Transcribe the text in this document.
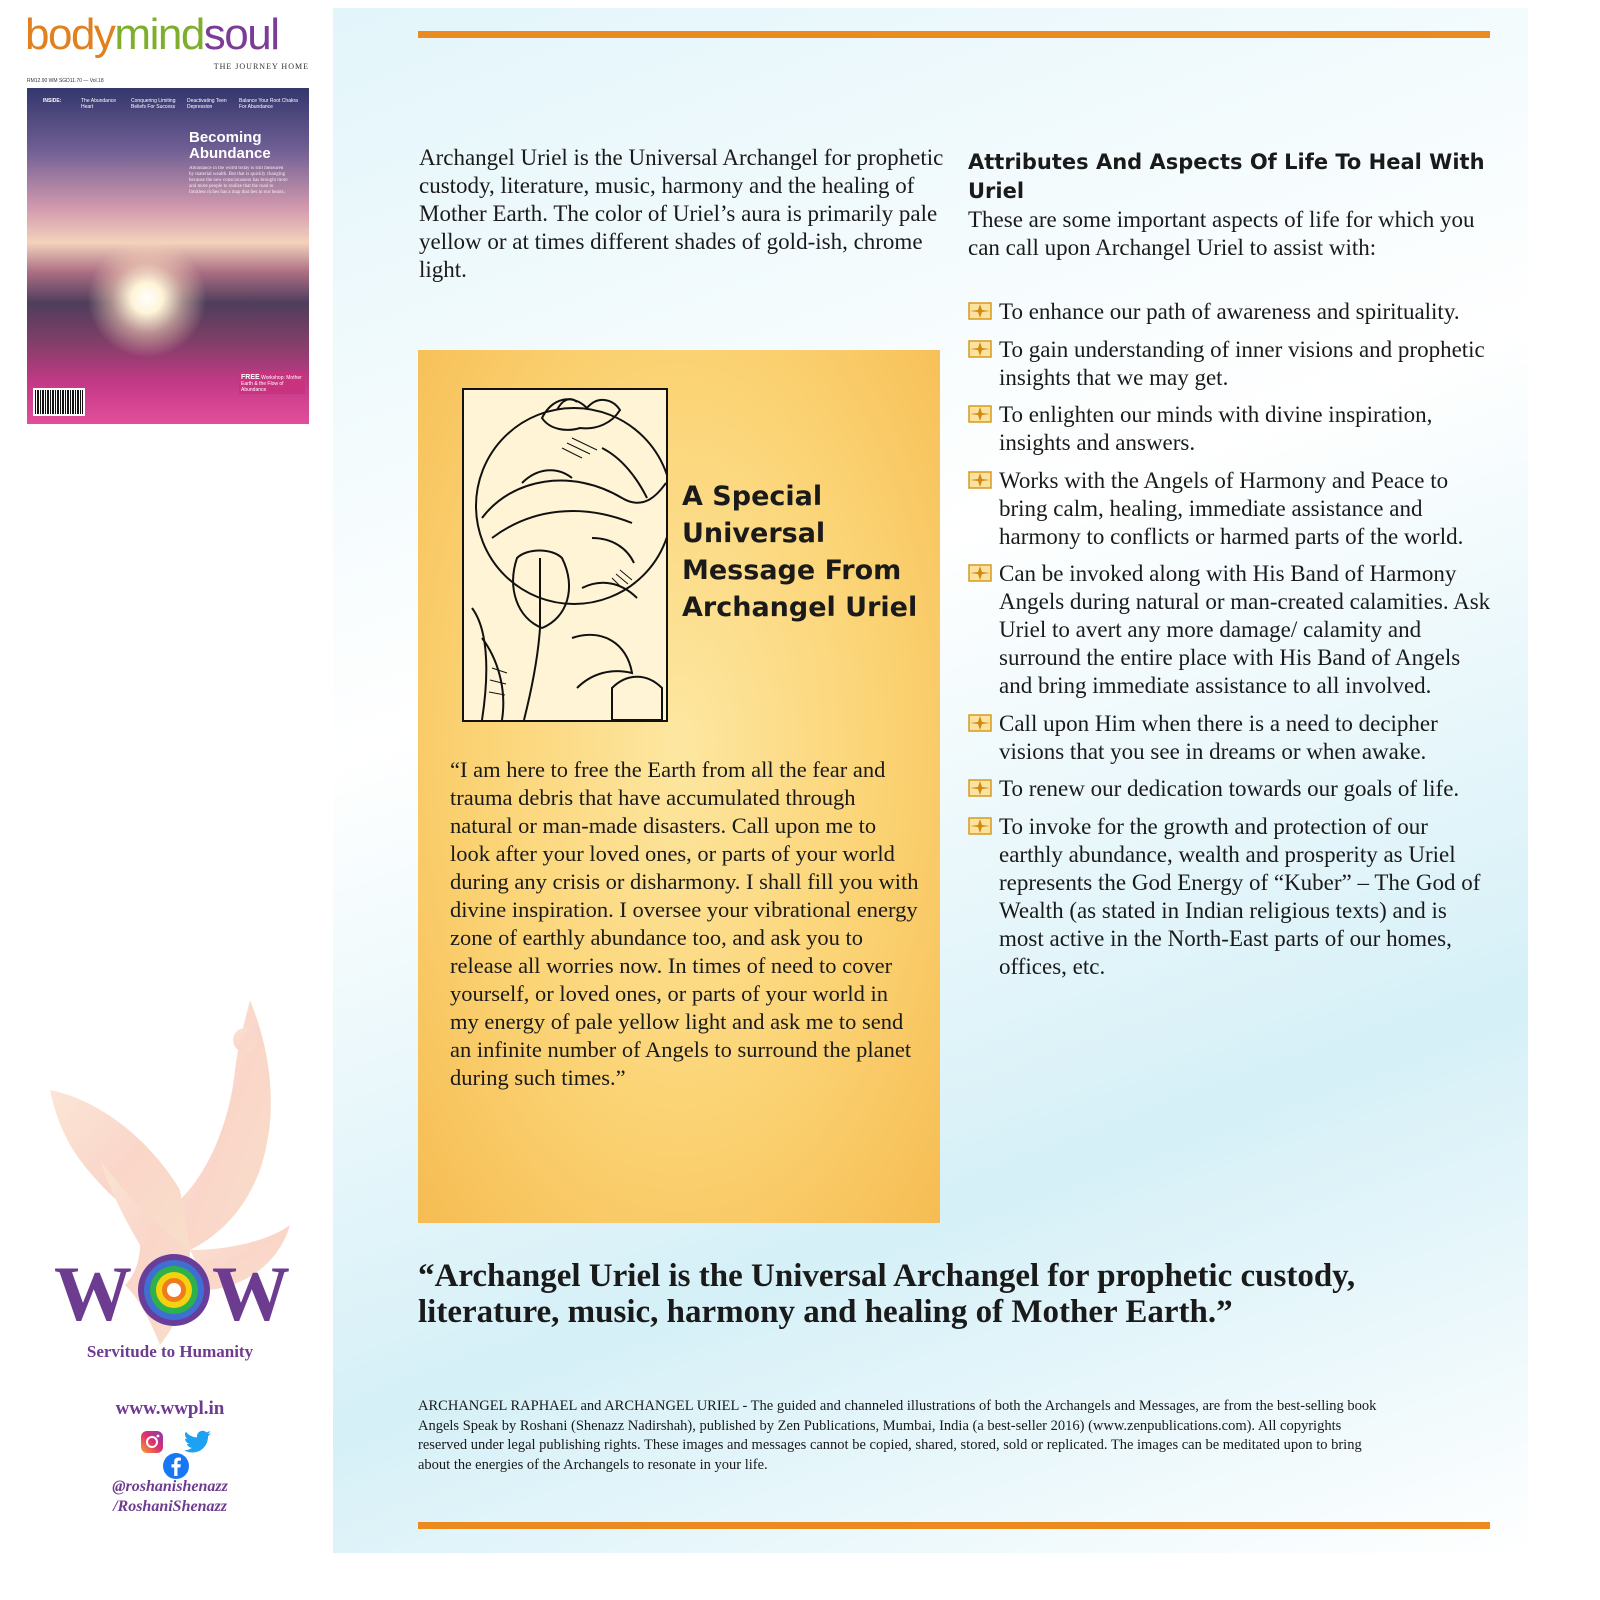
bodymindsoul
THE JOURNEY HOME
RM12.90 WM SGD11.70 — Vol.18
INSIDE:	The Abundance Heart
Conquering Limiting Beliefs For Success
Deactivating Teen Depression
Balance Your Root Chakra For Abundance
Becoming Abundance
Abundance in the world today is still measured by material wealth. But that is quickly changing because the new consciousness has brought more and more people to realize that the road to limitless riches has a map that lies in our hearts.
FREE Workshop: Mother Earth & the Flow of Abundance
W W
Servitude to Humanity
www.wwpl.in
@roshanishenazz
/RoshaniShenazz

Archangel Uriel is the Universal Archangel for prophetic custody, literature, music, harmony and the healing of Mother Earth. The color of Uriel’s aura is primarily pale yellow or at times different shades of gold-ish, chrome light.

A Special Universal Message From Archangel Uriel

“I am here to free the Earth from all the fear and trauma debris that have accumulated through natural or man-made disasters. Call upon me to look after your loved ones, or parts of your world during any crisis or disharmony. I shall fill you with divine inspiration. I oversee your vibrational energy zone of earthly abundance too, and ask you to release all worries now. In times of need to cover yourself, or loved ones, or parts of your world in my energy of pale yellow light and ask me to send an infinite number of Angels to surround the planet during such times.”

Attributes And Aspects Of Life To Heal With Uriel

These are some important aspects of life for which you can call upon Archangel Uriel to assist with:

To enhance our path of awareness and spirituality.
To gain understanding of inner visions and prophetic insights that we may get.
To enlighten our minds with divine inspiration, insights and answers.
Works with the Angels of Harmony and Peace to bring calm, healing, immediate assistance and harmony to conflicts or harmed parts of the world.
Can be invoked along with His Band of Harmony Angels during natural or man-created calamities. Ask Uriel to avert any more damage/ calamity and surround the entire place with His Band of Angels and bring immediate assistance to all involved.
Call upon Him when there is a need to decipher visions that you see in dreams or when awake.
To renew our dedication towards our goals of life.
To invoke for the growth and protection of our earthly abundance, wealth and prosperity as Uriel represents the God Energy of “Kuber” – The God of Wealth (as stated in Indian religious texts) and is most active in the North-East parts of our homes, offices, etc.

“Archangel Uriel is the Universal Archangel for prophetic custody, literature, music, harmony and healing of Mother Earth.”

ARCHANGEL RAPHAEL and ARCHANGEL URIEL - The guided and channeled illustrations of both the Archangels and Messages, are from the best-selling book Angels Speak by Roshani (Shenazz Nadirshah), published by Zen Publications, Mumbai, India (a best-seller 2016) (www.zenpublications.com). All copyrights reserved under legal publishing rights. These images and messages cannot be copied, shared, stored, sold or replicated. The images can be meditated upon to bring about the energies of the Archangels to resonate in your life.
